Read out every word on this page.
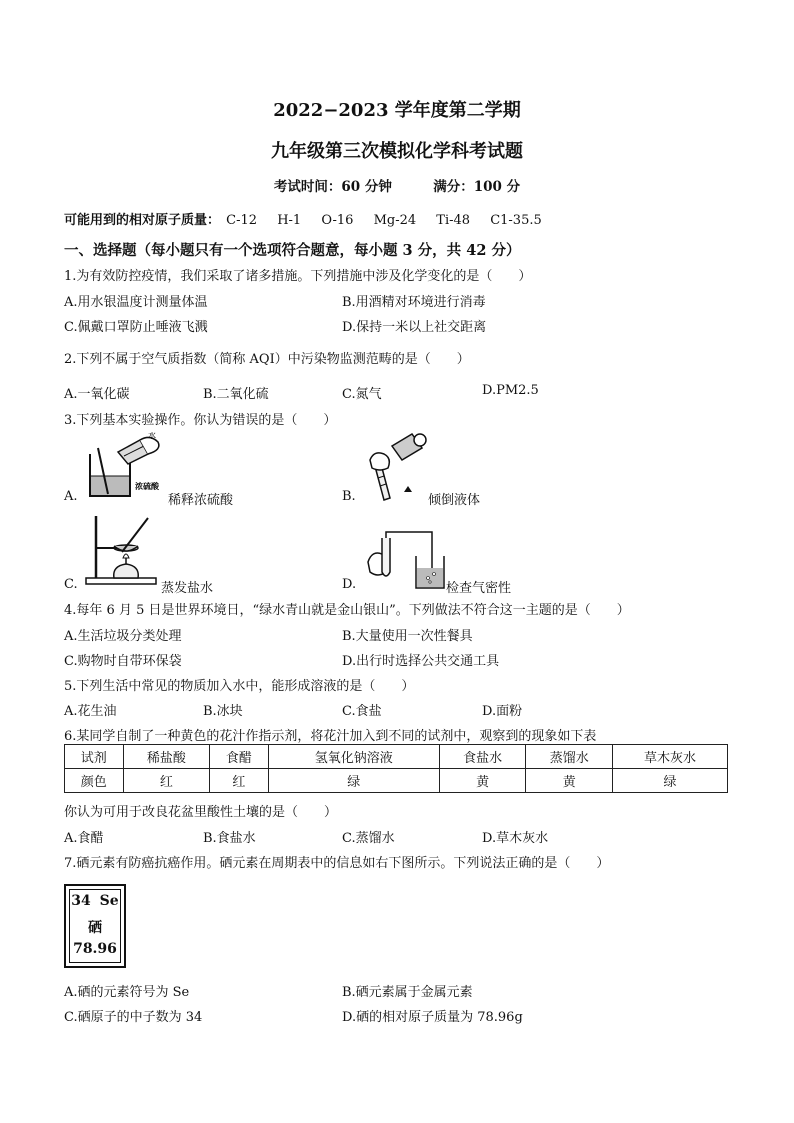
2022−2023 学年度第二学期
九年级第三次模拟化学科考试题
考试时间：60 分钟	满分：100 分
可能用到的相对原子质量： C-12 H-1 O-16 Mg-24 Ti-48 C1-35.5
一、选择题（每小题只有一个选项符合题意，每小题 3 分，共 42 分）
1.为有效防控疫情，我们采取了诸多措施。下列措施中涉及化学变化的是（　　）
A.用水银温度计测量体温	B.用酒精对环境进行消毒
C.佩戴口罩防止唾液飞溅	D.保持一米以上社交距离
2.下列不属于空气质指数（简称 AQI）中污染物监测范畴的是（　　）
A.一氧化碳	B.二氧化硫	C.氮气	D.PM2.5
3.下列基本实验操作。你认为错误的是（　　）
浓硫酸
水
A.	稀释浓硫酸	B.	倾倒液体
C.	蒸发盐水	D.	检查气密性
4.每年 6 月 5 日是世界环境日，“绿水青山就是金山银山”。下列做法不符合这一主题的是（　　）
A.生活垃圾分类处理	B.大量使用一次性餐具
C.购物时自带环保袋	D.出行时选择公共交通工具
5.下列生活中常见的物质加入水中，能形成溶液的是（　　）
A.花生油	B.冰块	C.食盐	D.面粉
6.某同学自制了一种黄色的花汁作指示剂，将花汁加入到不同的试剂中，观察到的现象如下表
试剂	稀盐酸	食醋	氢氧化钠溶液	食盐水	蒸馏水	草木灰水
颜色	红	红	绿	黄	黄	绿
你认为可用于改良花盆里酸性土壤的是（　　）
A.食醋	B.食盐水	C.蒸馏水	D.草木灰水
7.硒元素有防癌抗癌作用。硒元素在周期表中的信息如右下图所示。下列说法正确的是（　　）
34 Se
硒
78.96
A.硒的元素符号为 Se	B.硒元素属于金属元素
C.硒原子的中子数为 34	D.硒的相对原子质量为 78.96g
